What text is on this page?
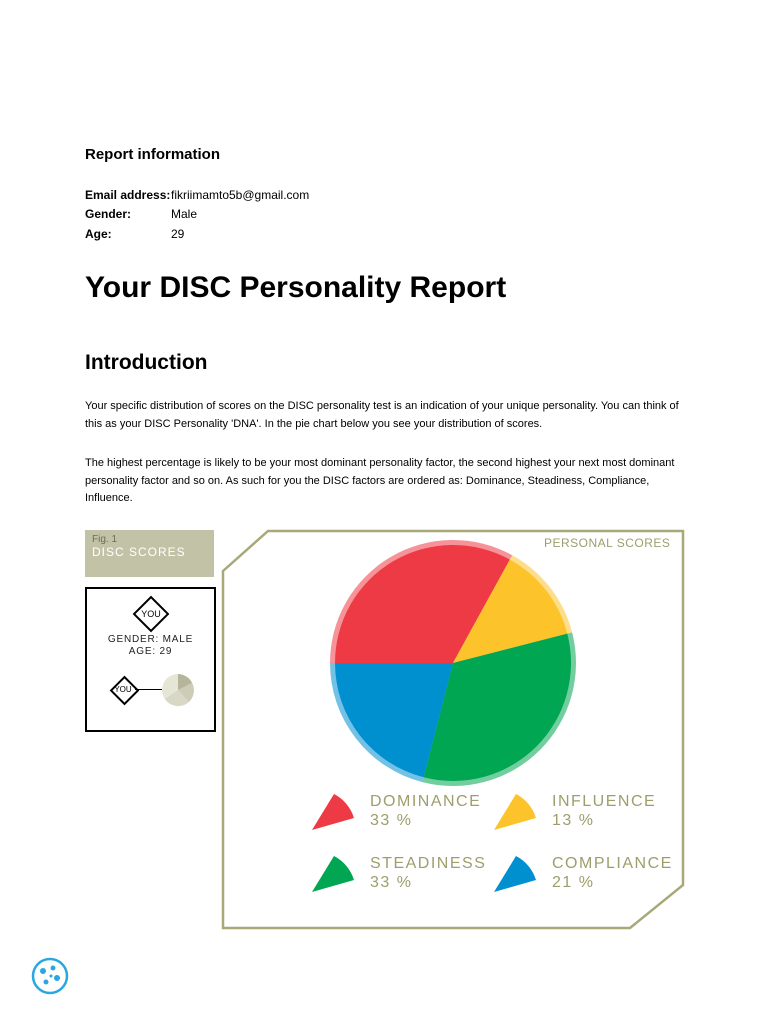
Report information
Email address:fikriimamto5b@gmail.com
Gender:	Male
Age:	29
Your DISC Personality Report
Introduction
Your specific distribution of scores on the DISC personality test is an indication of your unique personality. You can think of this as your DISC Personality 'DNA'. In the pie chart below you see your distribution of scores.
The highest percentage is likely to be your most dominant personality factor, the second highest your next most dominant personality factor and so on. As such for you the DISC factors are ordered as: Dominance, Steadiness, Compliance, Influence.
Fig. 1
DISC SCORES
YOU
GENDER: MALE
AGE: 29
YOU
PERSONAL SCORES
DOMINANCE
33 %
INFLUENCE
13 %
STEADINESS
33 %
COMPLIANCE
21 %
